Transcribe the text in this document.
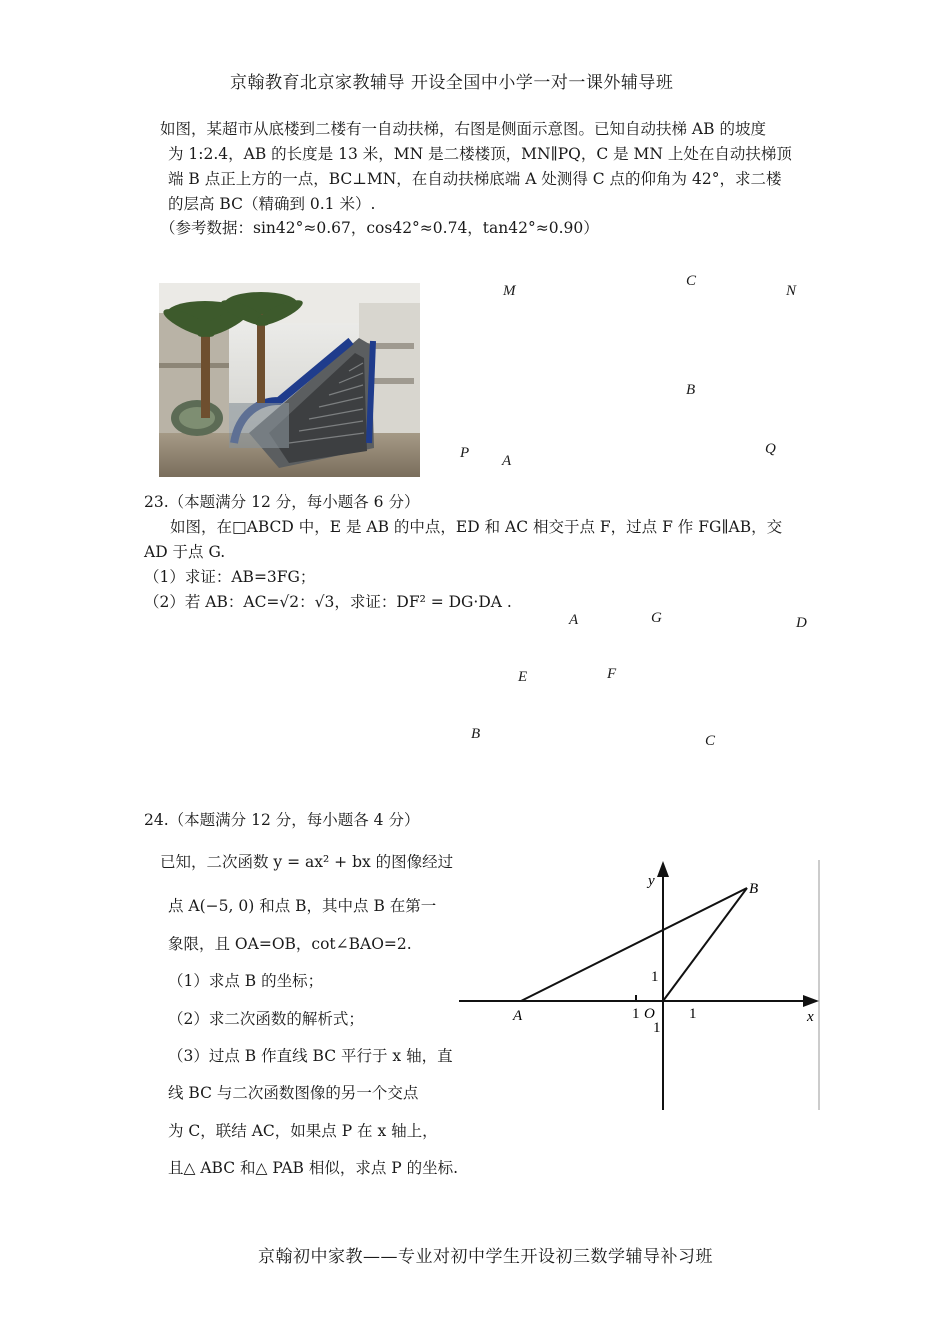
京翰教育北京家教辅导 开设全国中小学一对一课外辅导班
如图，某超市从底楼到二楼有一自动扶梯，右图是侧面示意图。已知自动扶梯 AB 的坡度
为 1:2.4，AB 的长度是 13 米，MN 是二楼楼顶，MN∥PQ，C 是 MN 上处在自动扶梯顶
端 B 点正上方的一点，BC⊥MN，在自动扶梯底端 A 处测得 C 点的仰角为 42°，求二楼
的层高 BC（精确到 0.1 米）.
（参考数据：sin42°≈0.67，cos42°≈0.74，tan42°≈0.90）
M
C
N
B
P A
Q
23.（本题满分 12 分，每小题各 6 分）
如图，在□ABCD 中，E 是 AB 的中点，ED 和 AC 相交于点 F，过点 F 作 FG∥AB，交
AD 于点 G.
（1）求证：AB=3FG；
（2）若 AB：AC=√2：√3，求证：DF² = DG·DA .
A	G	D
E	F
B	C
24.（本题满分 12 分，每小题各 4 分）
已知，二次函数 y = ax² + bx 的图像经过
点 A(−5, 0) 和点 B，其中点 B 在第一
象限，且 OA=OB，cot∠BAO=2.
（1）求点 B 的坐标；
（2）求二次函数的解析式；
（3）过点 B 作直线 BC 平行于 x 轴，直
线 BC 与二次函数图像的另一个交点
为 C，联结 AC，如果点 P 在 x 轴上，
且△ ABC 和△ PAB 相似，求点 P 的坐标.
y	B
1
A	1 O
1
1	x
京翰初中家教——专业对初中学生开设初三数学辅导补习班
